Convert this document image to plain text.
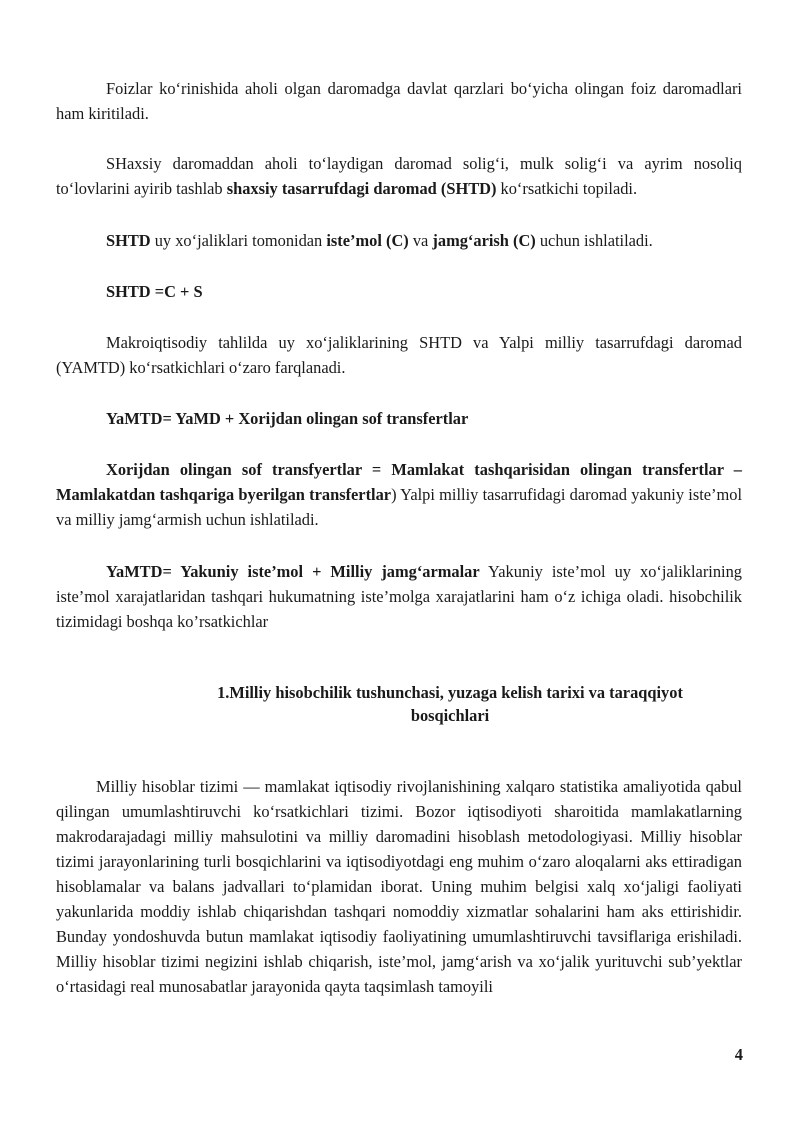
Foizlar koʻrinishida aholi olgan daromadga davlat qarzlari boʻyicha olingan foiz daromadlari ham kiritiladi.

SHaxsiy daromaddan aholi toʻlaydigan daromad soligʻi, mulk soligʻi va ayrim nosoliq toʻlovlarini ayirib tashlab shaxsiy tasarrufdagi daromad (SHTD) koʻrsatkichi topiladi.

SHTD uy xoʻjaliklari tomonidan iste’mol (C) va jamgʻarish (C) uchun ishlatiladi.

SHTD =C + S

Makroiqtisodiy tahlilda uy xoʻjaliklarining SHTD va Yalpi milliy tasarrufdagi daromad (YAMTD) koʻrsatkichlari oʻzaro farqlanadi.

YaMTD= YaMD + Xorijdan olingan sof transfertlar

Xorijdan olingan sof transfyertlar = Mamlakat tashqarisidan olingan transfertlar – Mamlakatdan tashqariga byerilgan transfertlar) Yalpi milliy tasarrufidagi daromad yakuniy iste’mol va milliy jamgʻarmish uchun ishlatiladi.

YaMTD= Yakuniy iste’mol + Milliy jamgʻarmalar Yakuniy iste’mol uy xoʻjaliklarining iste’mol xarajatlaridan tashqari hukumatning iste’molga xarajatlarini ham oʻz ichiga oladi. hisobchilik tizimidagi boshqa ko’rsatkichlar

1.Milliy hisobchilik tushunchasi, yuzaga kelish tarixi va taraqqiyot
bosqichlari

Milliy hisoblar tizimi — mamlakat iqtisodiy rivojlanishining xalqaro statistika amaliyotida qabul qilingan umumlashtiruvchi koʻrsatkichlari tizimi. Bozor iqtisodiyoti sharoitida mamlakatlarning makrodarajadagi milliy mahsulotini va milliy daromadini hisoblash metodologiyasi. Milliy hisoblar tizimi jarayonlarining turli bosqichlarini va iqtisodiyotdagi eng muhim oʻzaro aloqalarni aks ettiradigan hisoblamalar va balans jadvallari toʻplamidan iborat. Uning muhim belgisi xalq xoʻjaligi faoliyati yakunlarida moddiy ishlab chiqarishdan tashqari nomoddiy xizmatlar sohalarini ham aks ettirishidir. Bunday yondoshuvda butun mamlakat iqtisodiy faoliyatining umumlashtiruvchi tavsiflariga erishiladi. Milliy hisoblar tizimi negizini ishlab chiqarish, iste’mol, jamgʻarish va xoʻjalik yurituvchi sub’yektlar oʻrtasidagi real munosabatlar jarayonida qayta taqsimlash tamoyili

4
